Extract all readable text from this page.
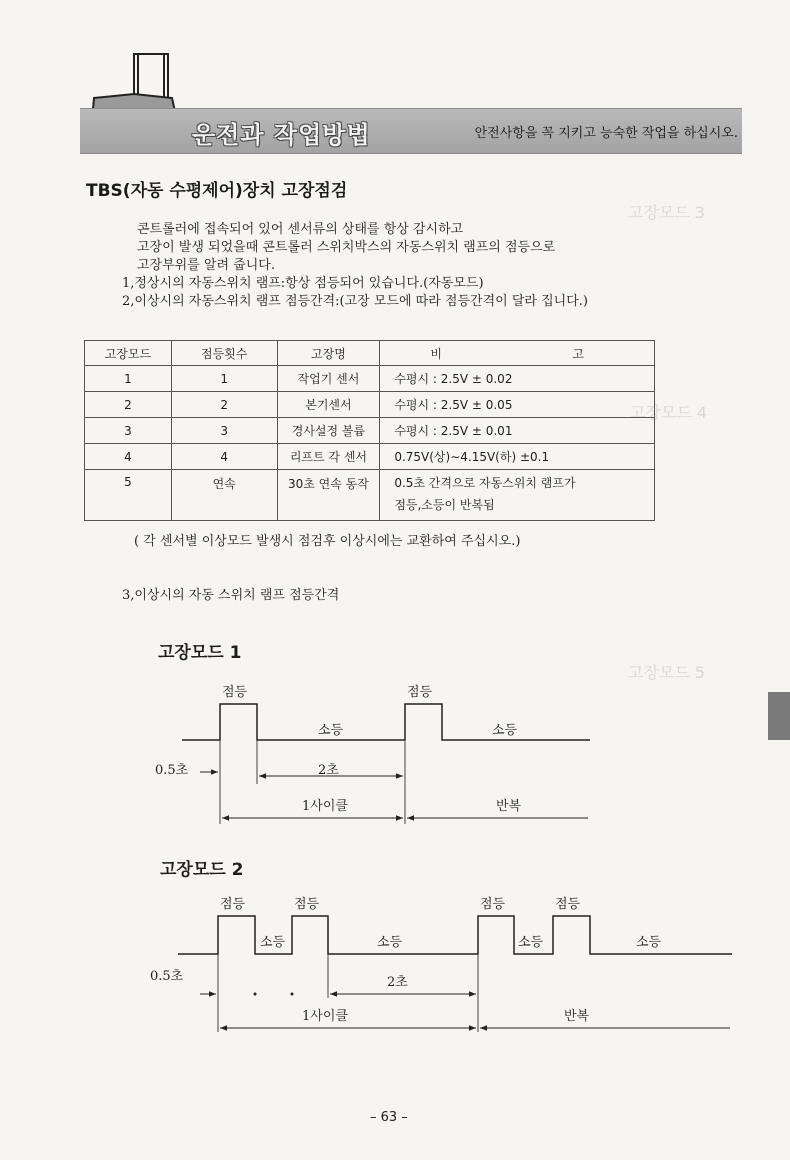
운전과 작업방법	안전사항을 꼭 지키고 능숙한 작업을 하십시오.
고장모드 3
고장모드 4
고장모드 5
TBS(자동 수평제어)장치 고장점검
콘트롤러에 접속되어 있어 센서류의 상태를 항상 감시하고
고장이 발생 되었을때 콘트롤러 스위치박스의 자동스위치 램프의 점등으로
고장부위를 알려 줍니다.
1,정상시의 자동스위치 램프:항상 점등되어 있습니다.(자동모드)
2,이상시의 자동스위치 램프 점등간격:(고장 모드에 따라 점등간격이 달라 집니다.)
고장모드	점등횟수	고장명	비 고

1	1	작업기 센서	수평시 : 2.5V ± 0.02
2	2	본기센서	수평시 : 2.5V ± 0.05
3	3	경사설정 볼륨	수평시 : 2.5V ± 0.01
4	4	리프트 각 센서	0.75V(상)∼4.15V(하) ±0.1
5	연속	30초 연속 동작	0.5초 간격으로 자동스위치 램프가
점등,소등이 반복됨
( 각 센서별 이상모드 발생시 점검후 이상시에는 교환하여 주십시오.)
3,이상시의 자동 스위치 램프 점등간격
고장모드 1
점등	점등
소등	소등
0.5초	2초
1사이클	반복
고장모드 2
점등	점등	점등	점등
소등	소등	소등	소등
0.5초	2초
1사이클	반복
– 63 –
